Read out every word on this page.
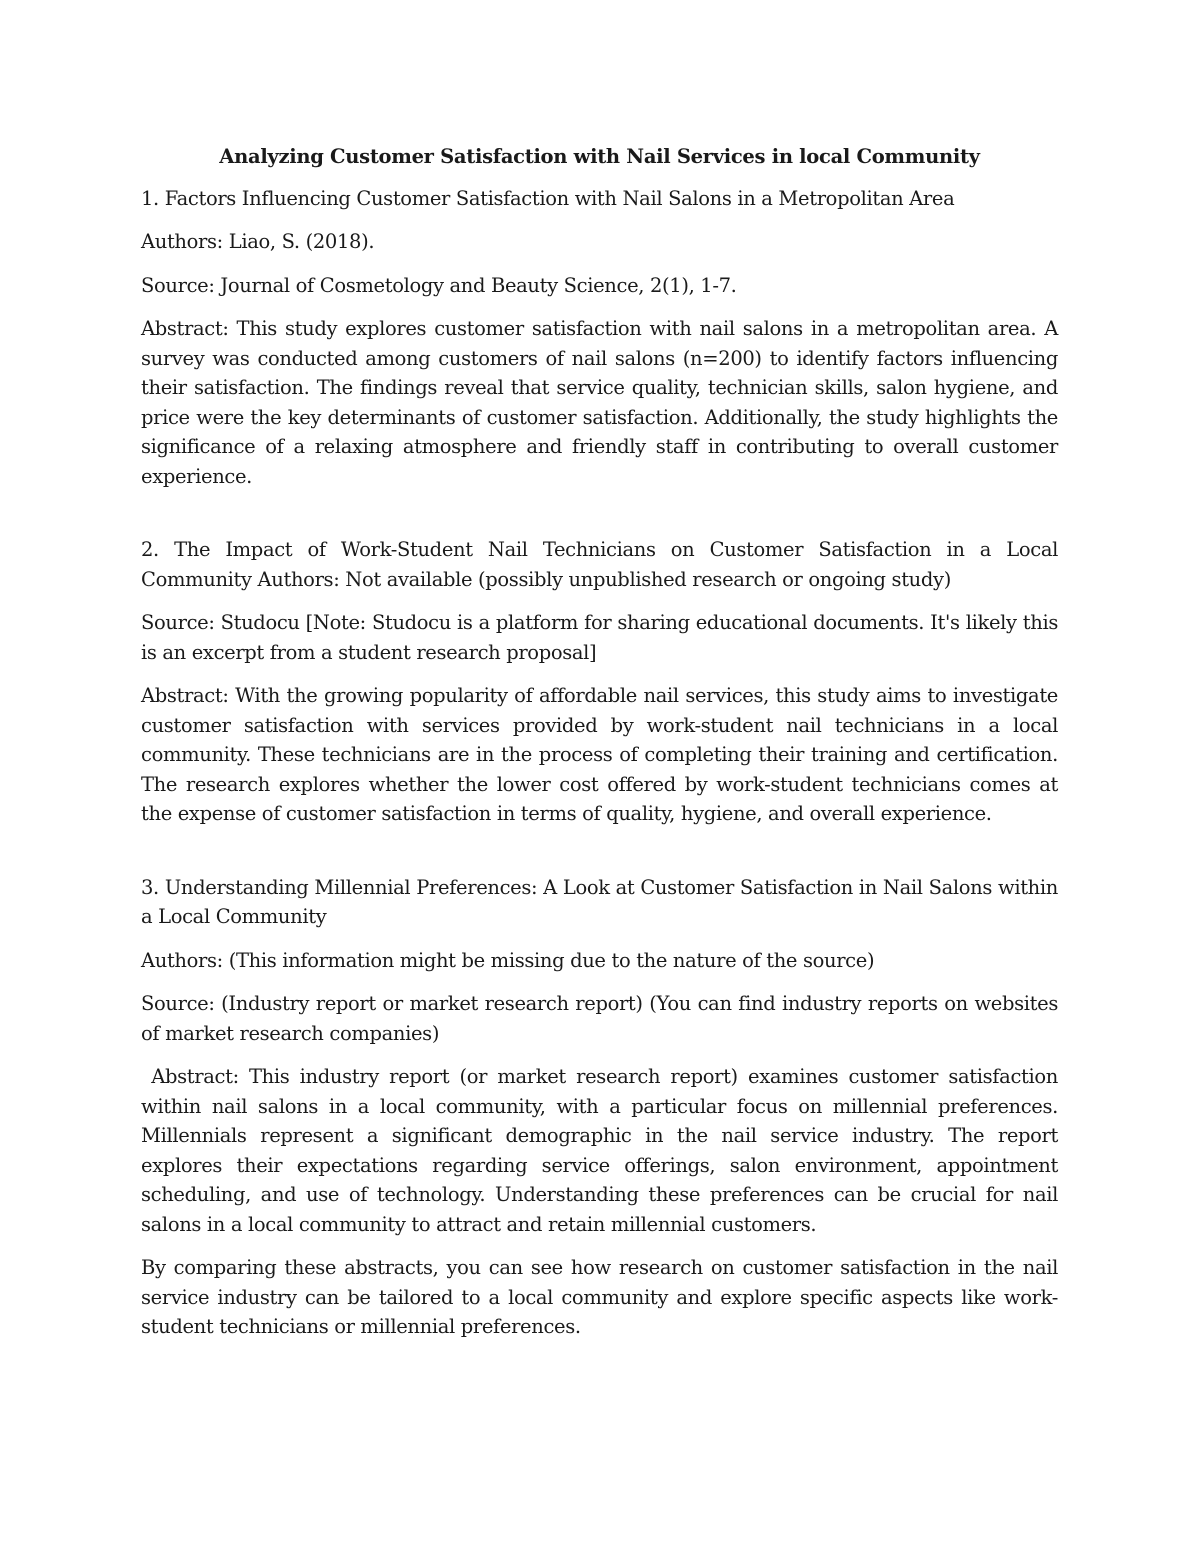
Analyzing Customer Satisfaction with Nail Services in local Community

1. Factors Influencing Customer Satisfaction with Nail Salons in a Metropolitan Area

Authors: Liao, S. (2018).

Source: Journal of Cosmetology and Beauty Science, 2(1), 1-7.

Abstract: This study explores customer satisfaction with nail salons in a metropolitan area. A survey was conducted among customers of nail salons (n=200) to identify factors influencing their satisfaction. The findings reveal that service quality, technician skills, salon hygiene, and price were the key determinants of customer satisfaction. Additionally, the study highlights the significance of a relaxing atmosphere and friendly staff in contributing to overall customer experience.

2. The Impact of Work-Student Nail Technicians on Customer Satisfaction in a Local Community Authors: Not available (possibly unpublished research or ongoing study)

Source: Studocu [Note: Studocu is a platform for sharing educational documents. It's likely this is an excerpt from a student research proposal]

Abstract: With the growing popularity of affordable nail services, this study aims to investigate customer satisfaction with services provided by work-student nail technicians in a local community. These technicians are in the process of completing their training and certification. The research explores whether the lower cost offered by work-student technicians comes at the expense of customer satisfaction in terms of quality, hygiene, and overall experience.

3. Understanding Millennial Preferences: A Look at Customer Satisfaction in Nail Salons within a Local Community

Authors: (This information might be missing due to the nature of the source)

Source: (Industry report or market research report) (You can find industry reports on websites of market research companies)

Abstract: This industry report (or market research report) examines customer satisfaction within nail salons in a local community, with a particular focus on millennial preferences. Millennials represent a significant demographic in the nail service industry. The report explores their expectations regarding service offerings, salon environment, appointment scheduling, and use of technology. Understanding these preferences can be crucial for nail salons in a local community to attract and retain millennial customers.

By comparing these abstracts, you can see how research on customer satisfaction in the nail service industry can be tailored to a local community and explore specific aspects like work-student technicians or millennial preferences.
